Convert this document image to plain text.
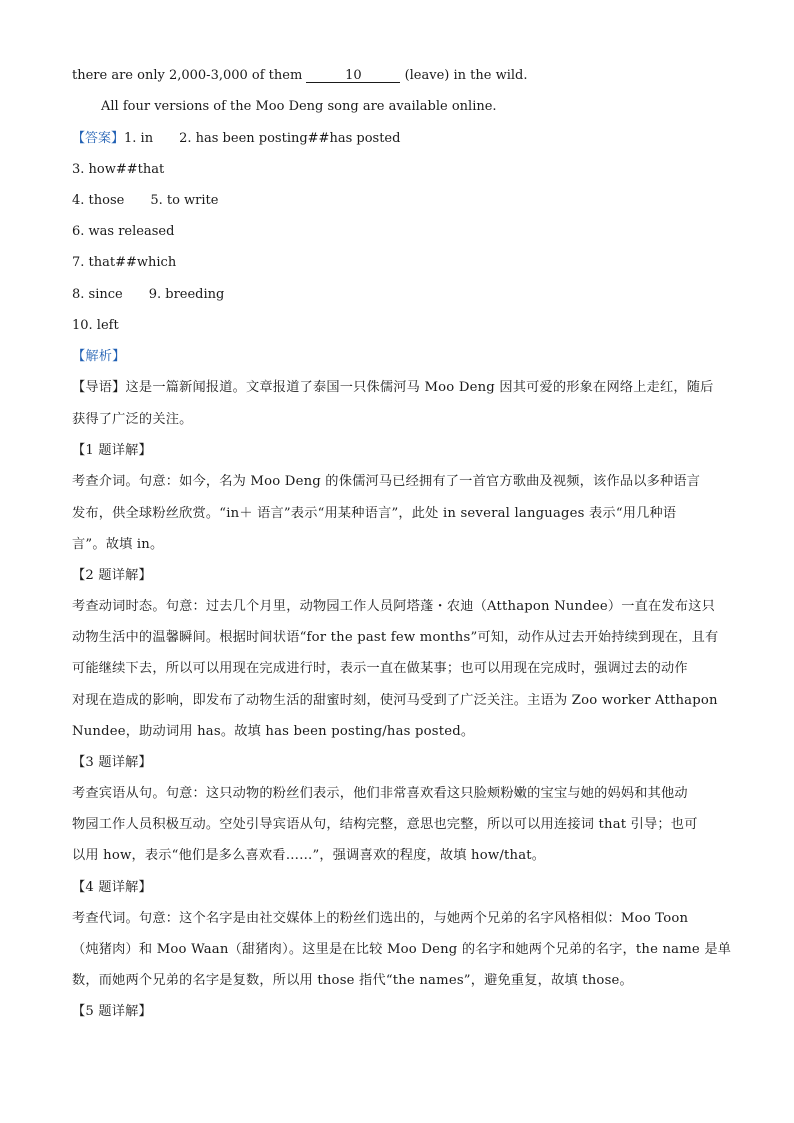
there are only 2,000-3,000 of them	10	(leave) in the wild.
All four versions of the Moo Deng song are available online.
【答案】1. in 2. has been posting##has posted
3. how##that
4. those 5. to write
6. was released
7. that##which
8. since 9. breeding
10. left
【解析】
【导语】这是一篇新闻报道。文章报道了泰国一只侏儒河马 Moo Deng 因其可爱的形象在网络上走红，随后
获得了广泛的关注。
【1 题详解】
考查介词。句意：如今，名为 Moo Deng 的侏儒河马已经拥有了一首官方歌曲及视频，该作品以多种语言
发布，供全球粉丝欣赏。“in＋ 语言”表示“用某种语言”，此处 in several languages 表示“用几种语
言”。故填 in。
【2 题详解】
考查动词时态。句意：过去几个月里，动物园工作人员阿塔蓬・农迪（Atthapon Nundee）一直在发布这只
动物生活中的温馨瞬间。根据时间状语“for the past few months”可知，动作从过去开始持续到现在，且有
可能继续下去，所以可以用现在完成进行时，表示一直在做某事；也可以用现在完成时，强调过去的动作
对现在造成的影响，即发布了动物生活的甜蜜时刻，使河马受到了广泛关注。主语为 Zoo worker Atthapon
Nundee，助动词用 has。故填 has been posting/has posted。
【3 题详解】
考查宾语从句。句意：这只动物的粉丝们表示，他们非常喜欢看这只脸颊粉嫩的宝宝与她的妈妈和其他动
物园工作人员积极互动。空处引导宾语从句，结构完整，意思也完整，所以可以用连接词 that 引导；也可
以用 how，表示“他们是多么喜欢看……”，强调喜欢的程度，故填 how/that。
【4 题详解】
考查代词。句意：这个名字是由社交媒体上的粉丝们选出的，与她两个兄弟的名字风格相似：Moo Toon
（炖猪肉）和 Moo Waan（甜猪肉）。这里是在比较 Moo Deng 的名字和她两个兄弟的名字，the name 是单
数，而她两个兄弟的名字是复数，所以用 those 指代“the names”，避免重复，故填 those。
【5 题详解】
